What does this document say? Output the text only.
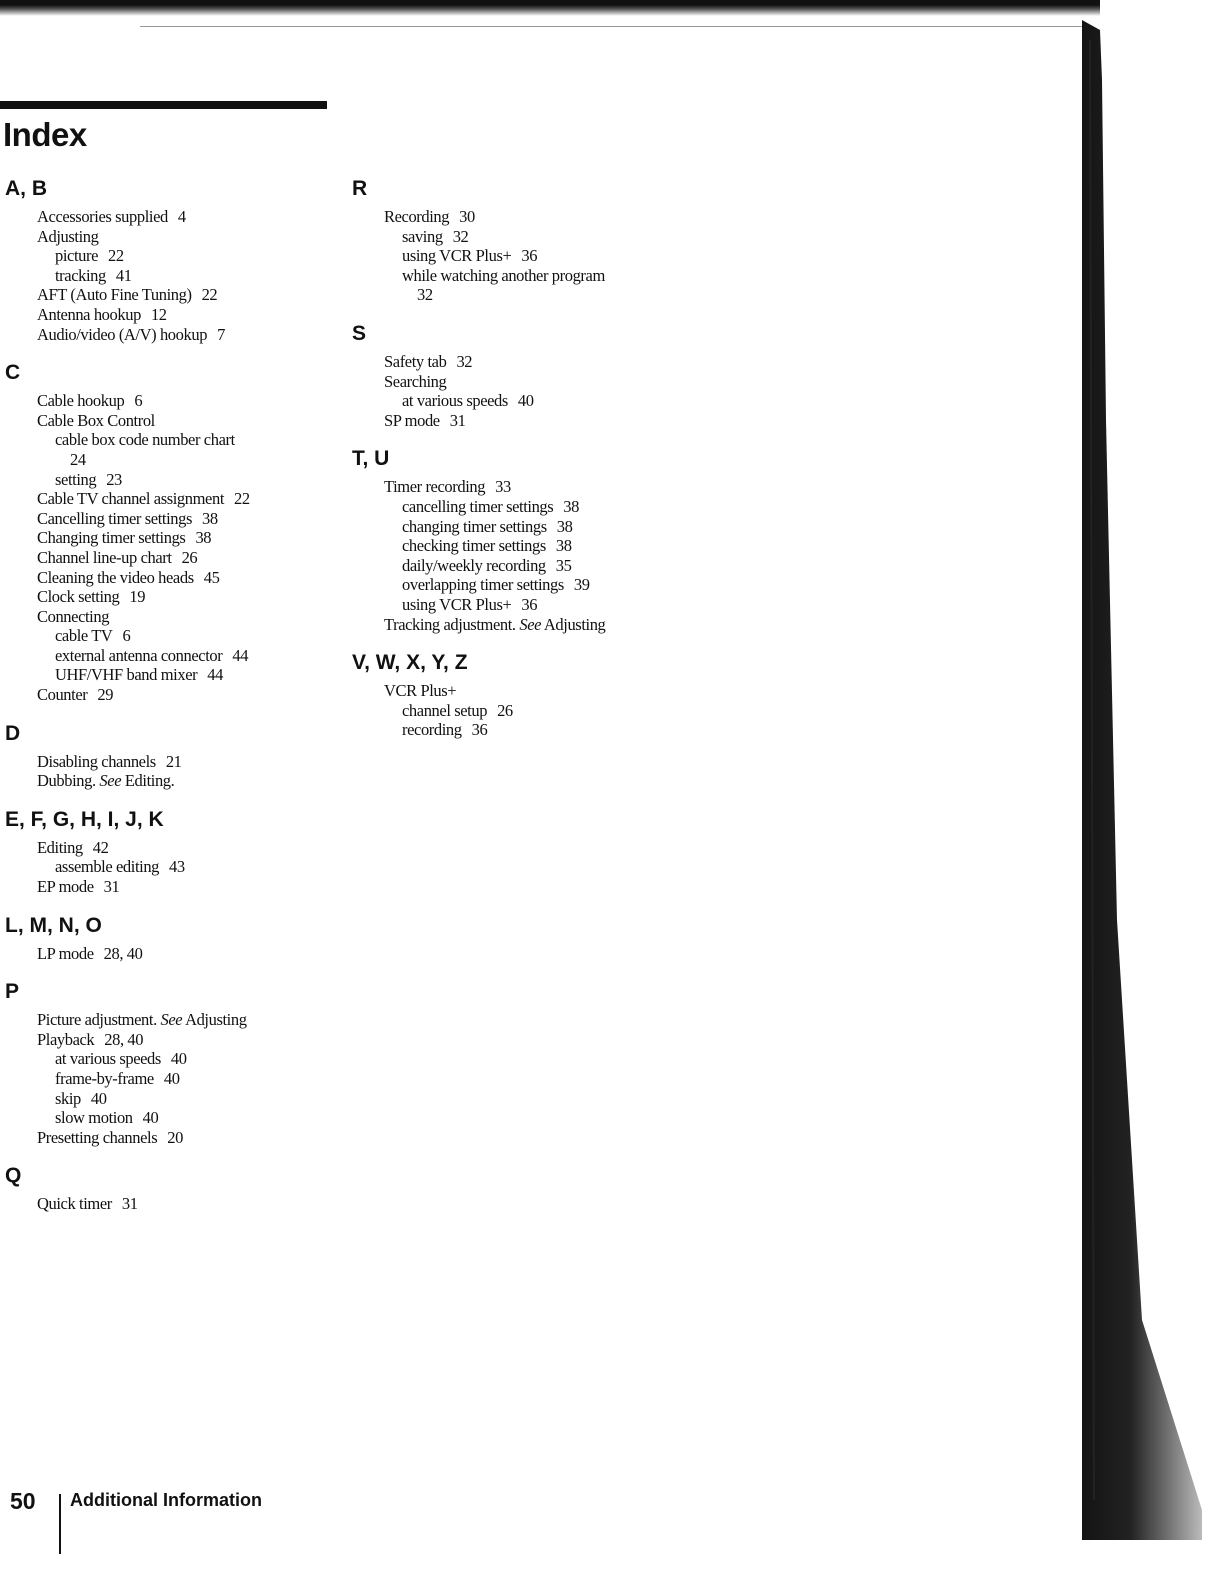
Index
A, B
Accessories supplied 4
Adjusting
picture 22
tracking 41
AFT (Auto Fine Tuning) 22
Antenna hookup 12
Audio/video (A/V) hookup 7
C
Cable hookup 6
Cable Box Control
cable box code number chart
24
setting 23
Cable TV channel assignment 22
Cancelling timer settings 38
Changing timer settings 38
Channel line-up chart 26
Cleaning the video heads 45
Clock setting 19
Connecting
cable TV 6
external antenna connector 44
UHF/VHF band mixer 44
Counter 29
D
Disabling channels 21
Dubbing. See Editing.
E, F, G, H, I, J, K
Editing 42
assemble editing 43
EP mode 31
L, M, N, O
LP mode 28, 40
P
Picture adjustment. See Adjusting
Playback 28, 40
at various speeds 40
frame-by-frame 40
skip 40
slow motion 40
Presetting channels 20
Q
Quick timer 31
R
Recording 30
saving 32
using VCR Plus+ 36
while watching another program
32
S
Safety tab 32
Searching
at various speeds 40
SP mode 31
T, U
Timer recording 33
cancelling timer settings 38
changing timer settings 38
checking timer settings 38
daily/weekly recording 35
overlapping timer settings 39
using VCR Plus+ 36
Tracking adjustment. See Adjusting
V, W, X, Y, Z
VCR Plus+
channel setup 26
recording 36
50 Additional Information
